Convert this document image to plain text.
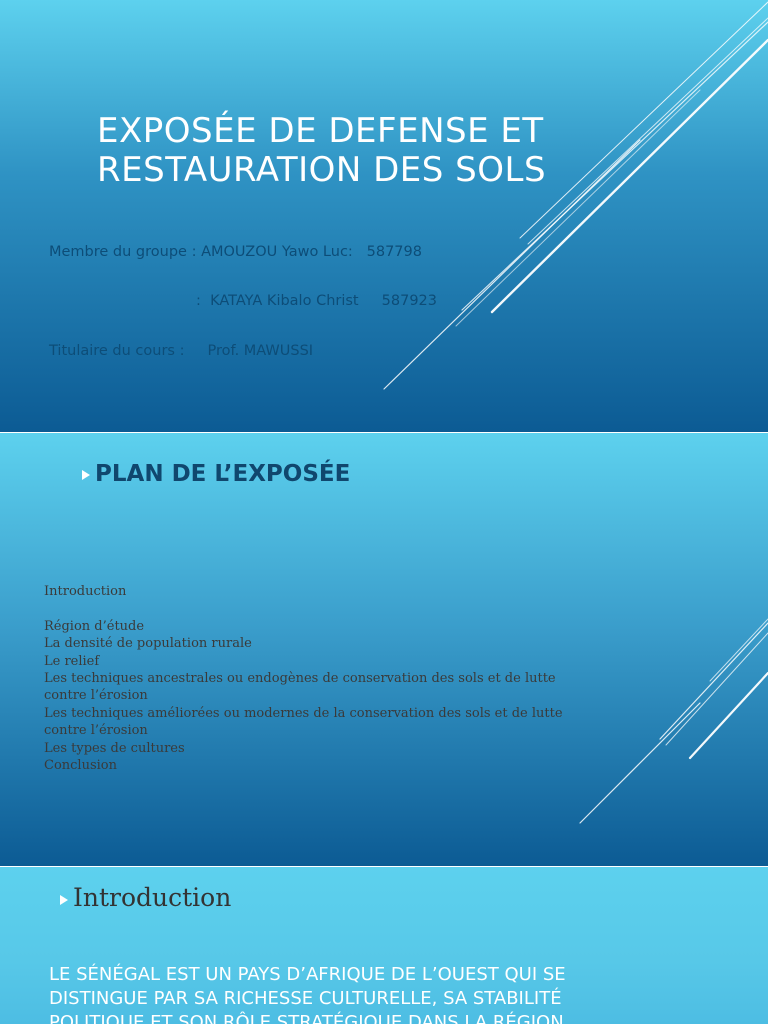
EXPOSÉE DE DEFENSE ET RESTAURATION DES SOLS

Membre du groupe : AMOUZOU Yawo Luc:   587798

:  KATAYA Kibalo Christ     587923

Titulaire du cours :     Prof. MAWUSSI

PLAN DE L’EXPOSÉE
Introduction
Région d’étude
La densité de population rurale
Le relief
Les techniques ancestrales ou endogènes de conservation des sols et de lutte contre l’érosion
Les techniques améliorées ou modernes de la conservation des sols et de lutte contre l’érosion
Les types de cultures
Conclusion
Introduction

LE SÉNÉGAL EST UN PAYS D’AFRIQUE DE L’OUEST QUI SE DISTINGUE PAR SA RICHESSE CULTURELLE, SA STABILITÉ POLITIQUE ET SON RÔLE STRATÉGIQUE DANS LA RÉGION
